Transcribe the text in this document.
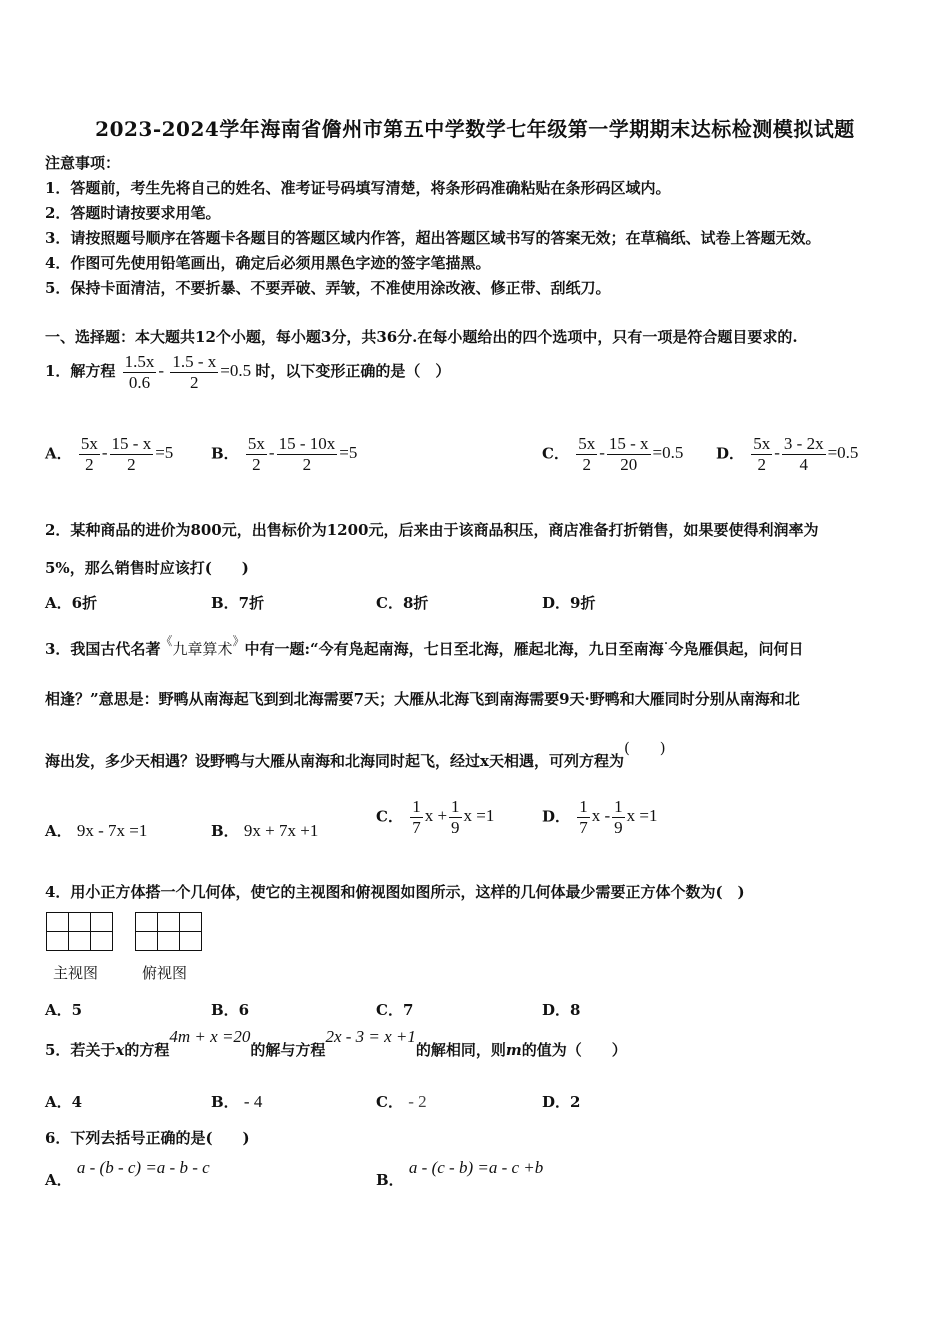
2023-2024学年海南省儋州市第五中学数学七年级第一学期期末达标检测模拟试题
注意事项：
1．答题前，考生先将自己的姓名、准考证号码填写清楚，将条形码准确粘贴在条形码区域内。
2．答题时请按要求用笔。
3．请按照题号顺序在答题卡各题目的答题区域内作答，超出答题区域书写的答案无效；在草稿纸、试卷上答题无效。
4．作图可先使用铅笔画出，确定后必须用黑色字迹的签字笔描黑。
5．保持卡面清洁，不要折暴、不要弄破、弄皱，不准使用涂改液、修正带、刮纸刀。
一、选择题：本大题共12个小题，每小题3分，共36分.在每小题给出的四个选项中，只有一项是符合题目要求的.
1．解方程 $\frac{1.5x}{0.6} - \frac{1.5 - x}{2} =0.5$ 时，以下变形正确的是（　）
A． $\frac{5x}{2} - \frac{15 - x}{2} =5$	B． $\frac{5x}{2} - \frac{15 - 10x}{2} =5$	C． $\frac{5x}{2} - \frac{15 - x}{20} =0.5$ D． $\frac{5x}{2} - \frac{3 - 2x}{4} =0.5$
2．某种商品的进价为800元，出售标价为1200元，后来由于该商品积压，商店准备打折销售，如果要使得利润率为
5%，那么销售时应该打(　　)
A．6折	B．7折	C．8折	D．9折
3．我国古代名著《九章算术》中有一题:“今有凫起南海，七日至北海，雁起北海，九日至南海·今凫雁俱起，问何日
相逢？”意思是：野鸭从南海起飞到到北海需要7天；大雁从北海飞到南海需要9天·野鸭和大雁同时分别从南海和北
海出发，多少天相遇？设野鸭与大雁从南海和北海同时起飞，经过x天相遇，可列方程为(　　)
A． 9x - 7x =1	B． 9x + 7x +1
C． $\frac{1}{7}$ $x + \frac{1}{9}$ x =1	D． $\frac{1}{7}$ x - $\frac{1}{9}$ x =1
4．用小正方体搭一个几何体，使它的主视图和俯视图如图所示，这样的几何体最少需要正方体个数为(　)

主视图	俯视图
A．5	B．6	C．7	D．8
5．若关于x的方程4m + x =20的解与方程2x - 3 = x +1的解相同，则m的值为（　　）
A．4	B． - 4	C． - 2	D．2
6．下列去括号正确的是(　　)
A． a - (b - c) =a - b - c
B． a - (c - b) =a - c +b
